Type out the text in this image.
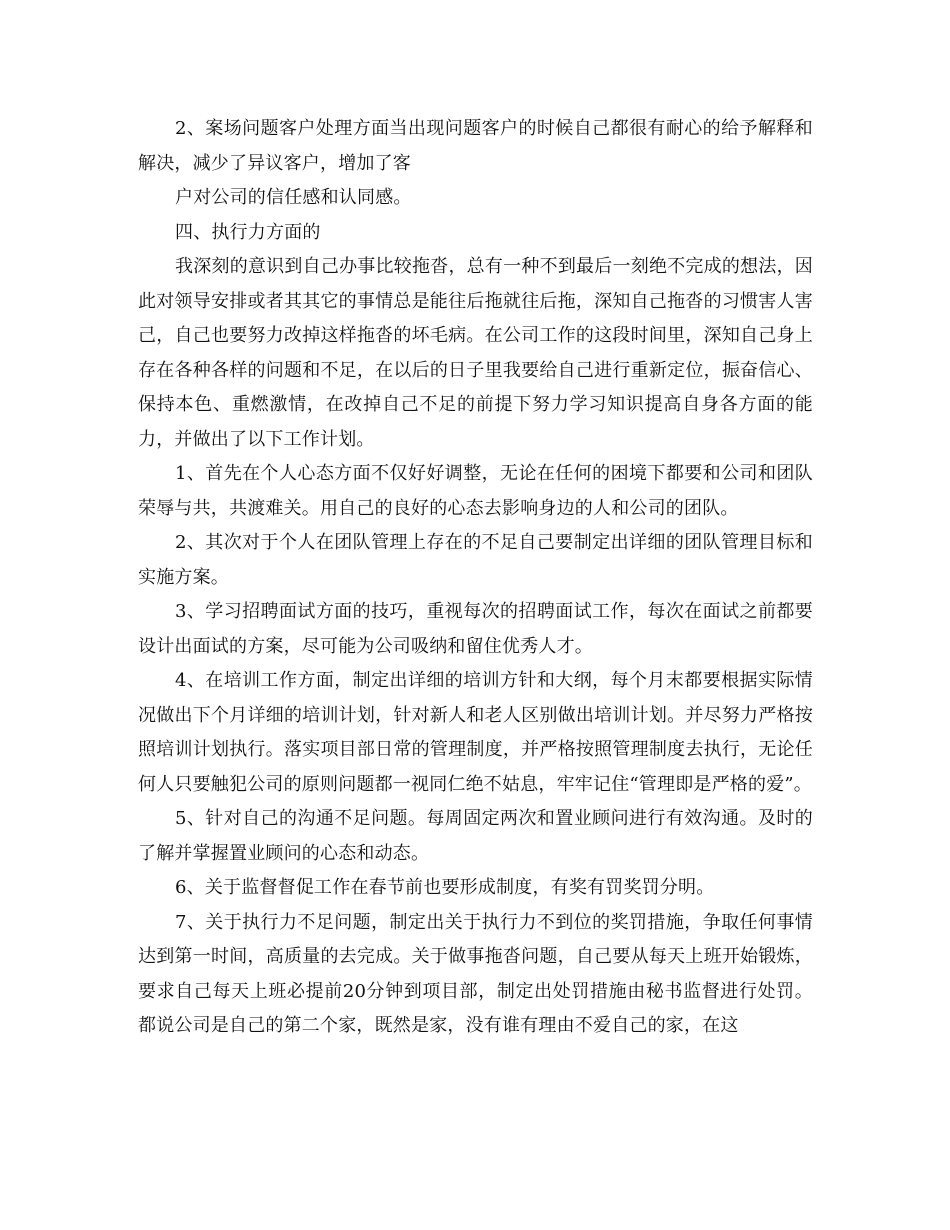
2、案场问题客户处理方面当出现问题客户的时候自己都很有耐心的给予解释和解决，减少了异议客户，增加了客

户对公司的信任感和认同感。

四、执行力方面的

我深刻的意识到自己办事比较拖沓，总有一种不到最后一刻绝不完成的想法，因此对领导安排或者其其它的事情总是能往后拖就往后拖，深知自己拖沓的习惯害人害己，自己也要努力改掉这样拖沓的坏毛病。在公司工作的这段时间里，深知自己身上存在各种各样的问题和不足，在以后的日子里我要给自己进行重新定位，振奋信心、保持本色、重燃激情，在改掉自己不足的前提下努力学习知识提高自身各方面的能力，并做出了以下工作计划。

1、首先在个人心态方面不仅好好调整，无论在任何的困境下都要和公司和团队荣辱与共，共渡难关。用自己的良好的心态去影响身边的人和公司的团队。

2、其次对于个人在团队管理上存在的不足自己要制定出详细的团队管理目标和实施方案。

3、学习招聘面试方面的技巧，重视每次的招聘面试工作，每次在面试之前都要设计出面试的方案，尽可能为公司吸纳和留住优秀人才。

4、在培训工作方面，制定出详细的培训方针和大纲，每个月末都要根据实际情况做出下个月详细的培训计划，针对新人和老人区别做出培训计划。并尽努力严格按照培训计划执行。落实项目部日常的管理制度，并严格按照管理制度去执行，无论任何人只要触犯公司的原则问题都一视同仁绝不姑息，牢牢记住“管理即是严格的爱”。

5、针对自己的沟通不足问题。每周固定两次和置业顾问进行有效沟通。及时的了解并掌握置业顾问的心态和动态。

6、关于监督督促工作在春节前也要形成制度，有奖有罚奖罚分明。

7、关于执行力不足问题，制定出关于执行力不到位的奖罚措施，争取任何事情达到第一时间，高质量的去完成。关于做事拖沓问题，自己要从每天上班开始锻炼，要求自己每天上班必提前20分钟到项目部，制定出处罚措施由秘书监督进行处罚。都说公司是自己的第二个家，既然是家，没有谁有理由不爱自己的家，在这
